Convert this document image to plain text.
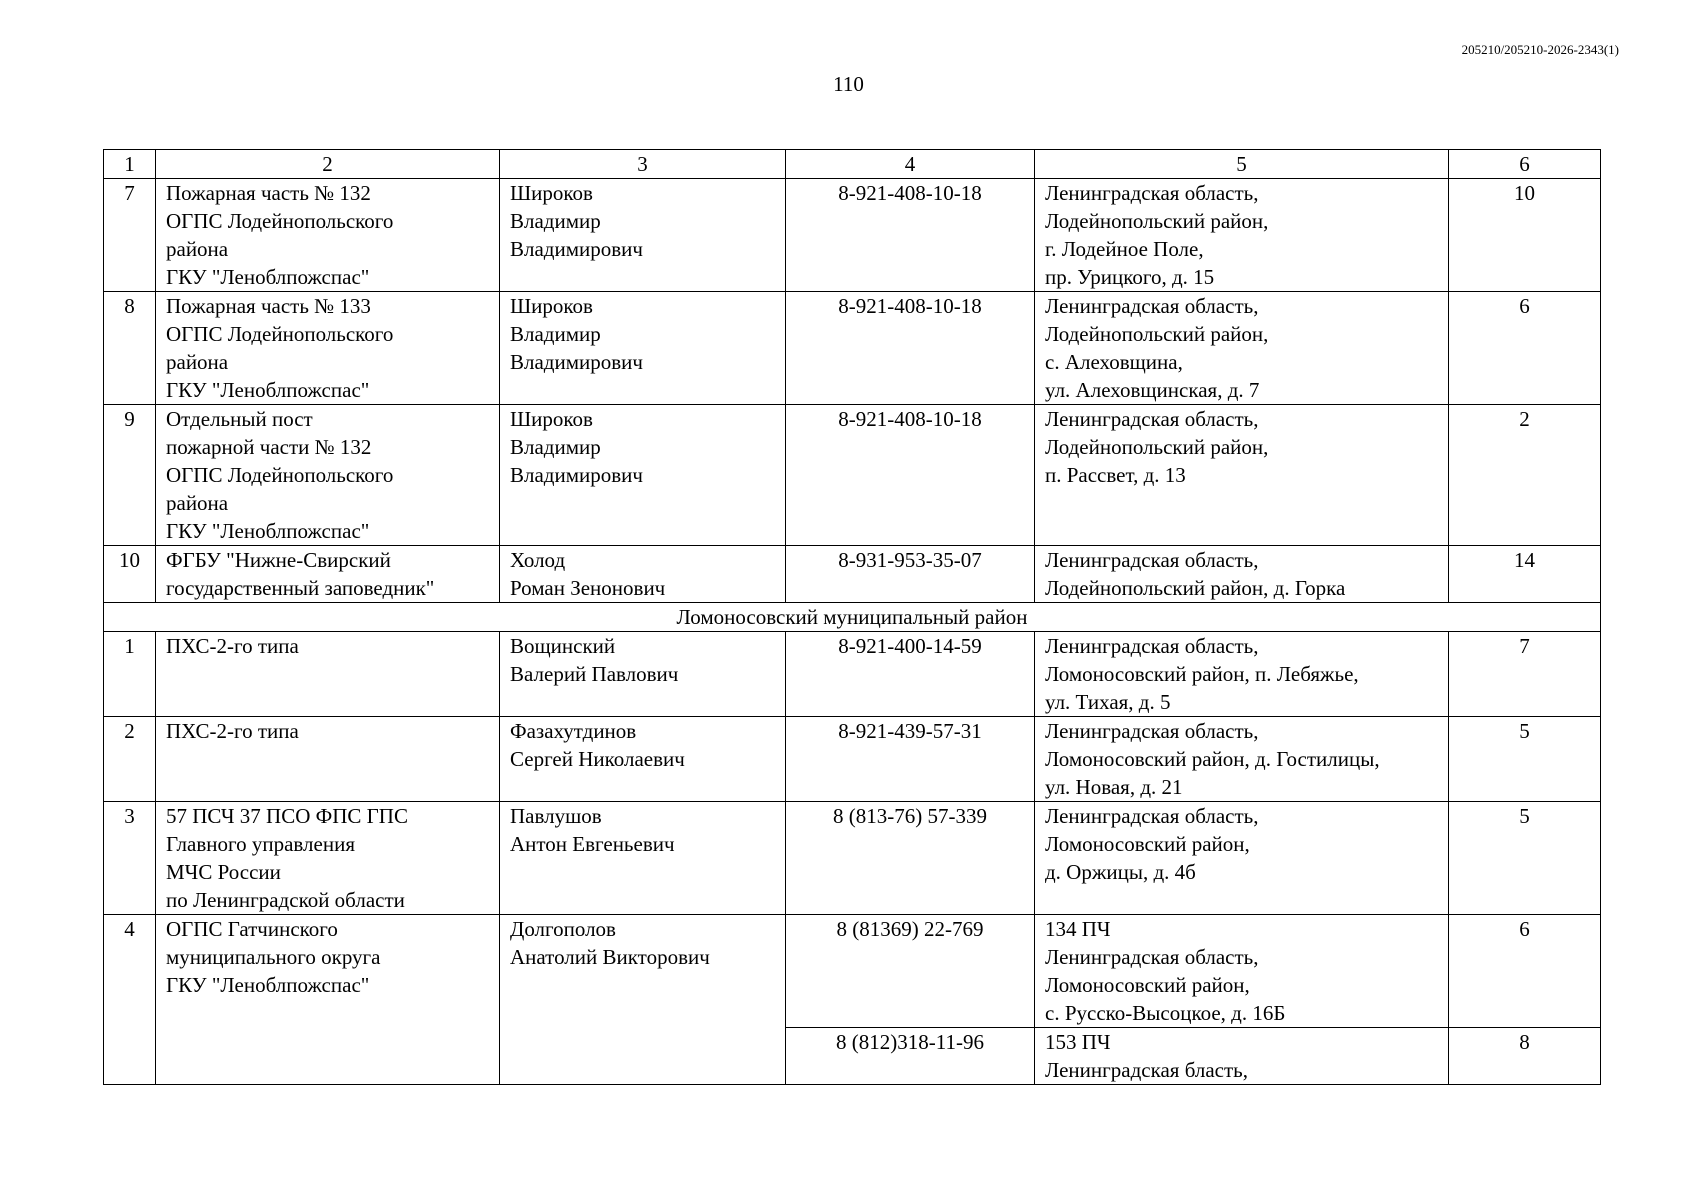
205210/205210-2026-2343(1)
110
1	2	3	4	5	6
7	Пожарная часть № 132
ОГПС Лодейнопольского
района
ГКУ "Леноблпожспас"	Широков
Владимир
Владимирович	8-921-408-10-18	Ленинградская область,
Лодейнопольский район,
г. Лодейное Поле,
пр. Урицкого, д. 15	10
8	Пожарная часть № 133
ОГПС Лодейнопольского
района
ГКУ "Леноблпожспас"	Широков
Владимир
Владимирович	8-921-408-10-18	Ленинградская область,
Лодейнопольский район,
с. Алеховщина,
ул. Алеховщинская, д. 7	6
9	Отдельный пост
пожарной части № 132
ОГПС Лодейнопольского
района
ГКУ "Леноблпожспас"	Широков
Владимир
Владимирович	8-921-408-10-18	Ленинградская область,
Лодейнопольский район,
п. Рассвет, д. 13	2
10	ФГБУ "Нижне-Свирский
государственный заповедник"	Холод
Роман Зенонович	8-931-953-35-07	Ленинградская область,
Лодейнопольский район, д. Горка	14
Ломоносовский муниципальный район					
1	ПХС-2-го типа	Вощинский
Валерий Павлович	8-921-400-14-59	Ленинградская область,
Ломоносовский район, п. Лебяжье,
ул. Тихая, д. 5	7
2	ПХС-2-го типа	Фазахутдинов
Сергей Николаевич	8-921-439-57-31	Ленинградская область,
Ломоносовский район, д. Гостилицы,
ул. Новая, д. 21	5
3	57 ПСЧ 37 ПСО ФПС ГПС
Главного управления
МЧС России
по Ленинградской области	Павлушов
Антон Евгеньевич	8 (813-76) 57-339	Ленинградская область,
Ломоносовский район,
д. Оржицы, д. 4б	5
4	ОГПС Гатчинского
муниципального округа
ГКУ "Леноблпожспас"	Долгополов
Анатолий Викторович	8 (81369) 22-769	134 ПЧ
Ленинградская область,
Ломоносовский район,
с. Русско-Высоцкое, д. 16Б	6
			8 (812)318-11-96	153 ПЧ
Ленинградская бласть,	8
